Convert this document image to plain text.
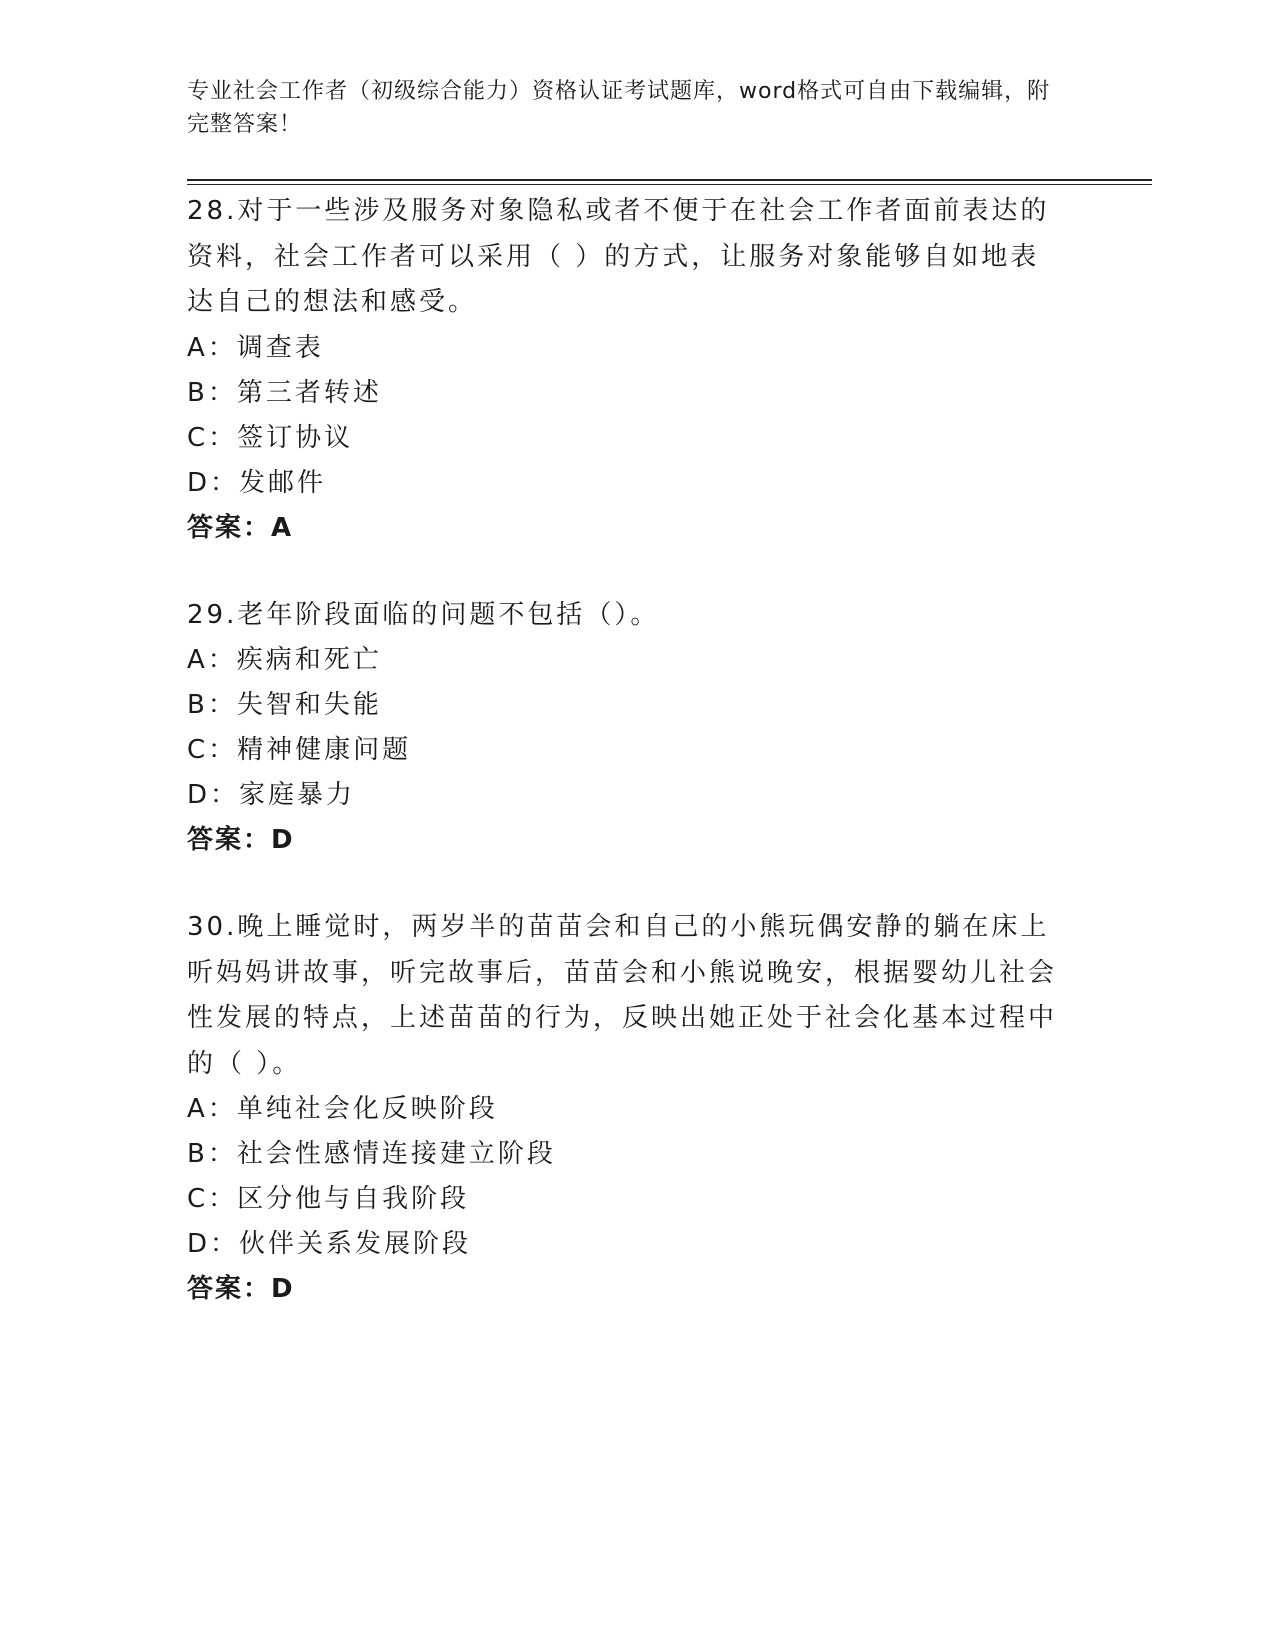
专业社会工作者（初级综合能力）资格认证考试题库，word格式可自由下载编辑，附完整答案！

28.对于一些涉及服务对象隐私或者不便于在社会工作者面前表达的资料，社会工作者可以采用（ ）的方式，让服务对象能够自如地表达自己的想法和感受。

A：调查表

B：第三者转述

C：签订协议

D：发邮件

答案：A

29.老年阶段面临的问题不包括（）。

A：疾病和死亡

B：失智和失能

C：精神健康问题

D：家庭暴力

答案：D

30.晚上睡觉时，两岁半的苗苗会和自己的小熊玩偶安静的躺在床上听妈妈讲故事，听完故事后，苗苗会和小熊说晚安，根据婴幼儿社会性发展的特点，上述苗苗的行为，反映出她正处于社会化基本过程中的（ ）。

A：单纯社会化反映阶段

B：社会性感情连接建立阶段

C：区分他与自我阶段

D：伙伴关系发展阶段

答案：D
